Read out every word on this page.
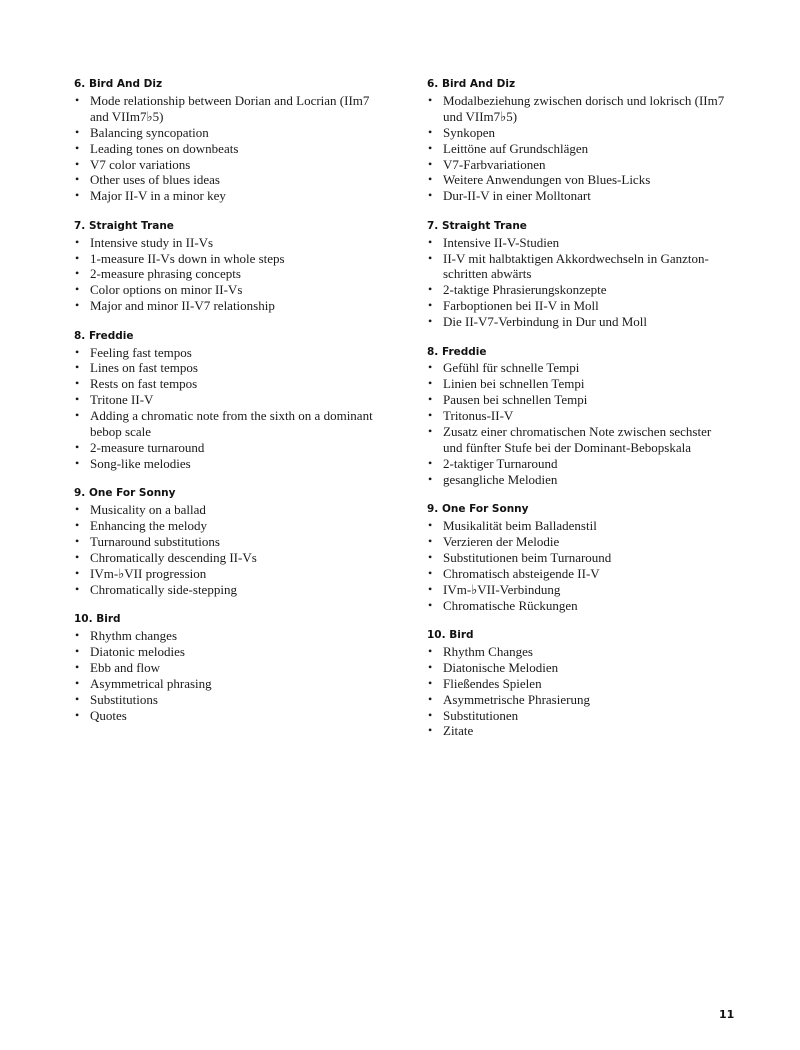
6. Bird And Diz
• Mode relationship between Dorian and Locrian (IIm7 and VIIm7♭5)
• Balancing syncopation
• Leading tones on downbeats
• V7 color variations
• Other uses of blues ideas
• Major II-V in a minor key
7. Straight Trane
• Intensive study in II-Vs
• 1-measure II-Vs down in whole steps
• 2-measure phrasing concepts
• Color options on minor II-Vs
• Major and minor II-V7 relationship
8. Freddie
• Feeling fast tempos
• Lines on fast tempos
• Rests on fast tempos
• Tritone II-V
• Adding a chromatic note from the sixth on a dominant bebop scale
• 2-measure turnaround
• Song-like melodies
9. One For Sonny
• Musicality on a ballad
• Enhancing the melody
• Turnaround substitutions
• Chromatically descending II-Vs
• IVm-♭VII progression
• Chromatically side-stepping
10. Bird
• Rhythm changes
• Diatonic melodies
• Ebb and flow
• Asymmetrical phrasing
• Substitutions
• Quotes
6. Bird And Diz
• Modalbeziehung zwischen dorisch und lokrisch (IIm7 und VIIm7♭5)
• Synkopen
• Leittöne auf Grundschlägen
• V7-Farbvariationen
• Weitere Anwendungen von Blues-Licks
• Dur-II-V in einer Molltonart
7. Straight Trane
• Intensive II-V-Studien
• II-V mit halbtaktigen Akkordwechseln in Ganzton-schritten abwärts
• 2-taktige Phrasierungskonzepte
• Farboptionen bei II-V in Moll
• Die II-V7-Verbindung in Dur und Moll
8. Freddie
• Gefühl für schnelle Tempi
• Linien bei schnellen Tempi
• Pausen bei schnellen Tempi
• Tritonus-II-V
• Zusatz einer chromatischen Note zwischen sechster und fünfter Stufe bei der Dominant-Bebopskala
• 2-taktiger Turnaround
• gesangliche Melodien
9. One For Sonny
• Musikalität beim Balladenstil
• Verzieren der Melodie
• Substitutionen beim Turnaround
• Chromatisch absteigende II-V
• IVm-♭VII-Verbindung
• Chromatische Rückungen
10. Bird
• Rhythm Changes
• Diatonische Melodien
• Fließendes Spielen
• Asymmetrische Phrasierung
• Substitutionen
• Zitate
11
